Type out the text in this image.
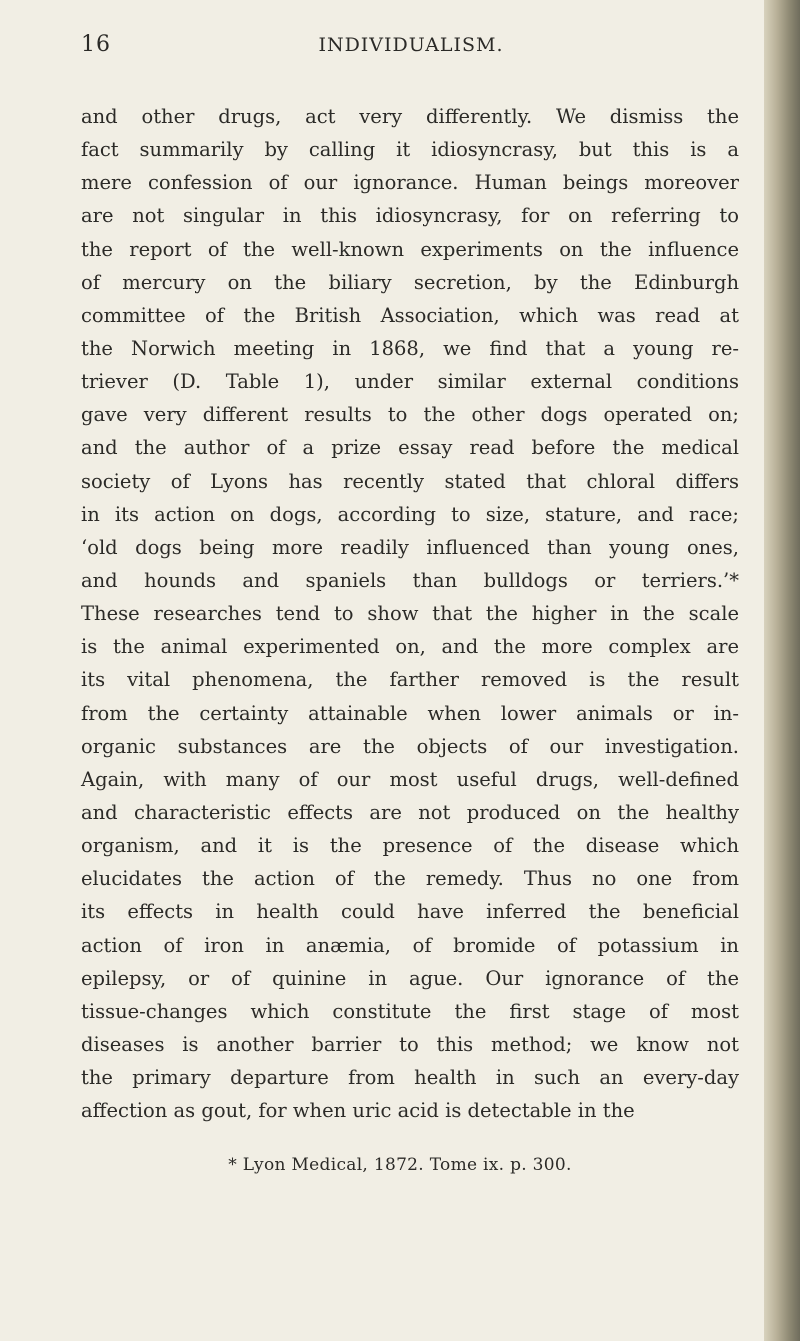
16	INDIVIDUALISM.
and other drugs, act very differently. We dismiss the
fact summarily by calling it idiosyncrasy, but this is a
mere confession of our ignorance. Human beings moreover
are not singular in this idiosyncrasy, for on referring to
the report of the well-known experiments on the influence
of mercury on the biliary secretion, by the Edinburgh
committee of the British Association, which was read at
the Norwich meeting in 1868, we find that a young re-
triever (D. Table 1), under similar external conditions
gave very different results to the other dogs operated on;
and the author of a prize essay read before the medical
society of Lyons has recently stated that chloral differs
in its action on dogs, according to size, stature, and race;
‘old dogs being more readily influenced than young ones,
and hounds and spaniels than bulldogs or terriers.’*
These researches tend to show that the higher in the scale
is the animal experimented on, and the more complex are
its vital phenomena, the farther removed is the result
from the certainty attainable when lower animals or in-
organic substances are the objects of our investigation.
Again, with many of our most useful drugs, well-defined
and characteristic effects are not produced on the healthy
organism, and it is the presence of the disease which
elucidates the action of the remedy. Thus no one from
its effects in health could have inferred the beneficial
action of iron in anæmia, of bromide of potassium in
epilepsy, or of quinine in ague. Our ignorance of the
tissue-changes which constitute the first stage of most
diseases is another barrier to this method; we know not
the primary departure from health in such an every-day
affection as gout, for when uric acid is detectable in the
* Lyon Medical, 1872. Tome ix. p. 300.
